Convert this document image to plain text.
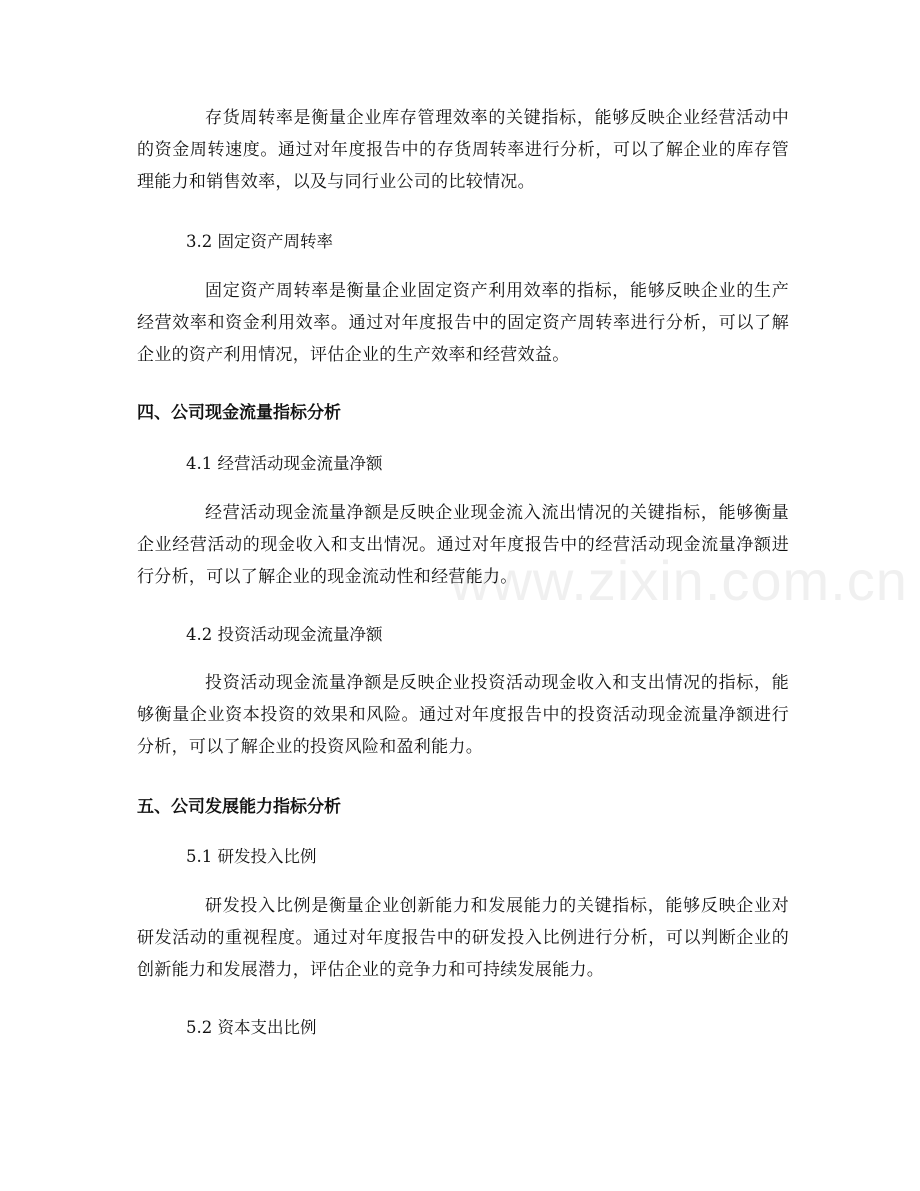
www.zixin.com.cn

存货周转率是衡量企业库存管理效率的关键指标，能够反映企业经营活动中的资金周转速度。通过对年度报告中的存货周转率进行分析，可以了解企业的库存管理能力和销售效率，以及与同行业公司的比较情况。

3.2 固定资产周转率

固定资产周转率是衡量企业固定资产利用效率的指标，能够反映企业的生产经营效率和资金利用效率。通过对年度报告中的固定资产周转率进行分析，可以了解企业的资产利用情况，评估企业的生产效率和经营效益。

四、公司现金流量指标分析

4.1 经营活动现金流量净额

经营活动现金流量净额是反映企业现金流入流出情况的关键指标，能够衡量企业经营活动的现金收入和支出情况。通过对年度报告中的经营活动现金流量净额进行分析，可以了解企业的现金流动性和经营能力。

4.2 投资活动现金流量净额

投资活动现金流量净额是反映企业投资活动现金收入和支出情况的指标，能够衡量企业资本投资的效果和风险。通过对年度报告中的投资活动现金流量净额进行分析，可以了解企业的投资风险和盈利能力。

五、公司发展能力指标分析

5.1 研发投入比例

研发投入比例是衡量企业创新能力和发展能力的关键指标，能够反映企业对研发活动的重视程度。通过对年度报告中的研发投入比例进行分析，可以判断企业的创新能力和发展潜力，评估企业的竞争力和可持续发展能力。

5.2 资本支出比例
